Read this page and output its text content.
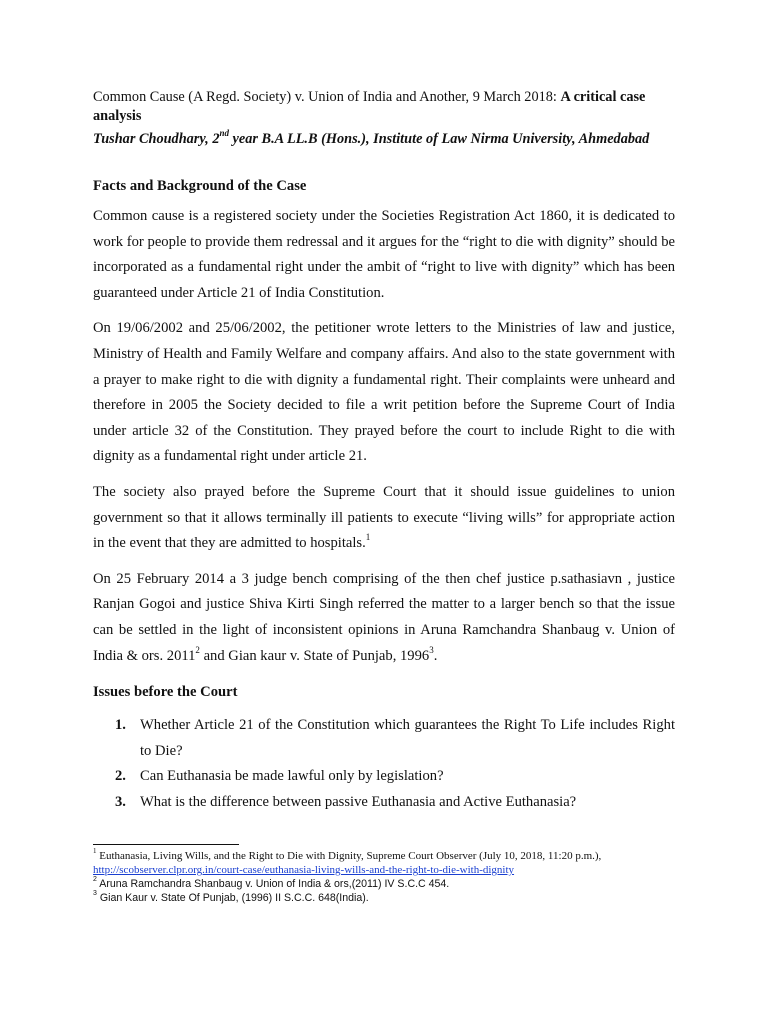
Common Cause (A Regd. Society) v. Union of India and Another, 9 March 2018: A critical case analysis

Tushar Choudhary, 2nd year B.A LL.B (Hons.), Institute of Law Nirma University, Ahmedabad

Facts and Background of the Case

Common cause is a registered society under the Societies Registration Act 1860, it is dedicated to work for people to provide them redressal and it argues for the “right to die with dignity” should be incorporated as a fundamental right under the ambit of “right to live with dignity” which has been guaranteed under Article 21 of India Constitution.

On 19/06/2002 and 25/06/2002, the petitioner wrote letters to the Ministries of law and justice, Ministry of Health and Family Welfare and company affairs. And also to the state government with a prayer to make right to die with dignity a fundamental right. Their complaints were unheard and therefore in 2005 the Society decided to file a writ petition before the Supreme Court of India under article 32 of the Constitution. They prayed before the court to include Right to die with dignity as a fundamental right under article 21.

The society also prayed before the Supreme Court that it should issue guidelines to union government so that it allows terminally ill patients to execute “living wills” for appropriate action in the event that they are admitted to hospitals.$^1$

On 25 February 2014 a 3 judge bench comprising of the then chef justice p.sathasiavn , justice Ranjan Gogoi and justice Shiva Kirti Singh referred the matter to a larger bench so that the issue can be settled in the light of inconsistent opinions in Aruna Ramchandra Shanbaug v. Union of India & ors. 2011$^2$ and Gian kaur v. State of Punjab, 1996$^3$.

Issues before the Court
1. Whether Article 21 of the Constitution which guarantees the Right To Life includes Right to Die?
2. Can Euthanasia be made lawful only by legislation?
3. What is the difference between passive Euthanasia and Active Euthanasia?

$^1$ Euthanasia, Living Wills, and the Right to Die with Dignity, Supreme Court Observer (July 10, 2018, 11:20 p.m.), http://scobserver.clpr.org.in/court-case/euthanasia-living-wills-and-the-right-to-die-with-dignity

$^2$ Aruna Ramchandra Shanbaug v. Union of India & ors,(2011) IV S.C.C 454.

$^3$ Gian Kaur v. State Of Punjab, (1996) II S.C.C. 648(India).
